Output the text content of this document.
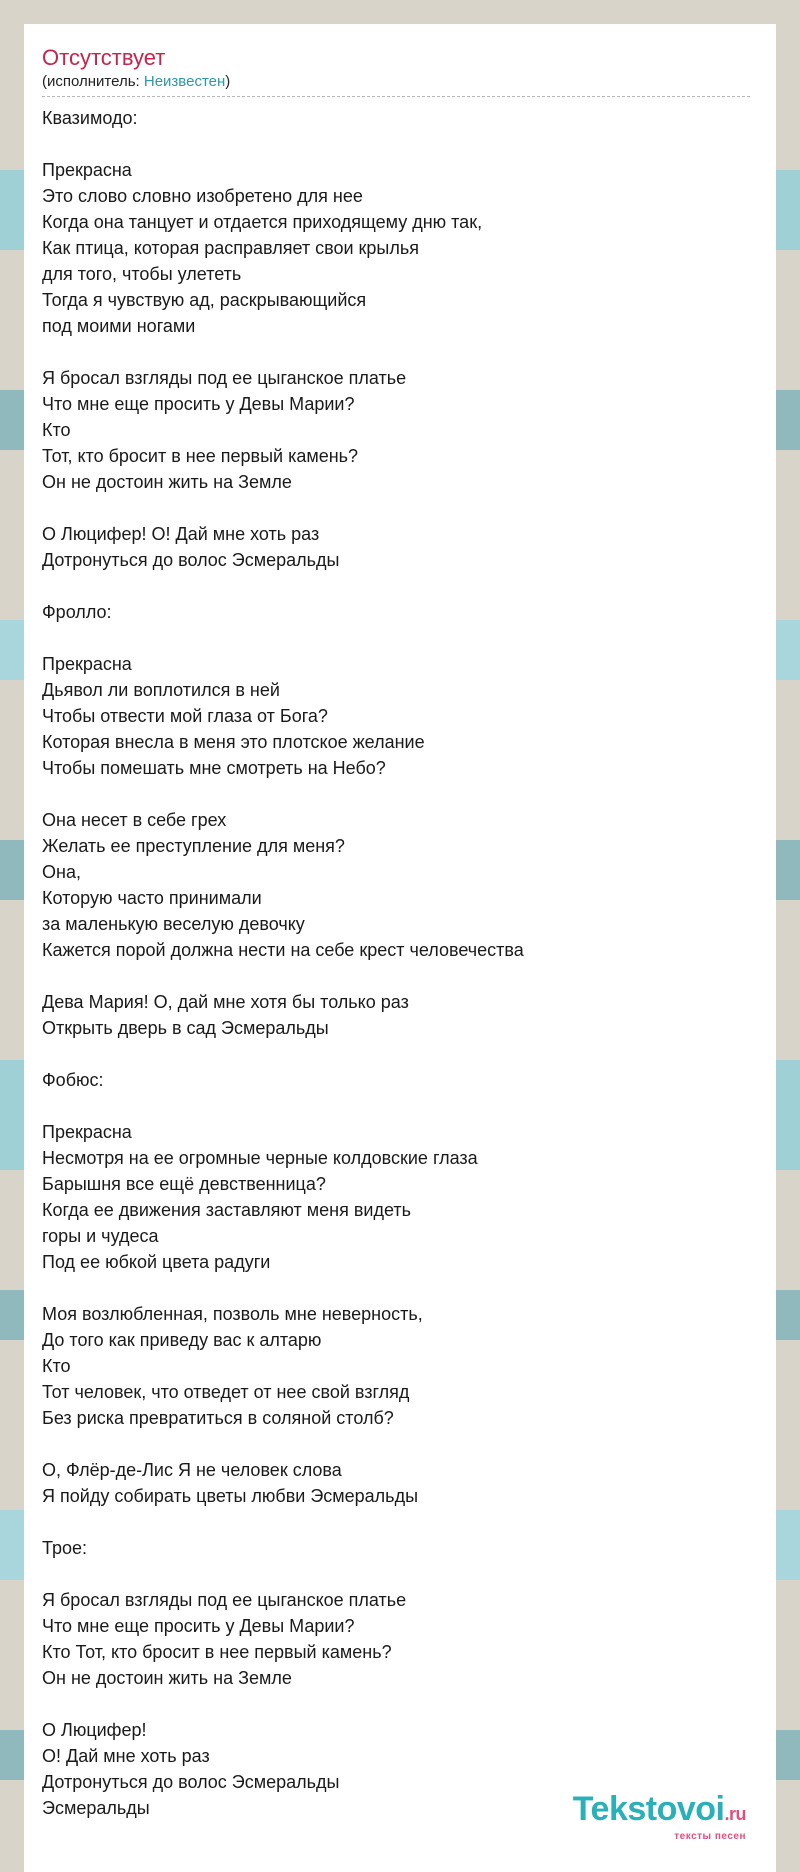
Отсутствует
(исполнитель: Неизвестен)
Квазимодо:
Прекрасна
Это слово словно изобретено для нее
Когда она танцует и отдается приходящему дню так,
Как птица, которая расправляет свои крылья
для того, чтобы улететь
Тогда я чувствую ад, раскрывающийся
под моими ногами
Я бросал взгляды под ее цыганское платье
Что мне еще просить у Девы Марии?
Кто
Тот, кто бросит в нее первый камень?
Он не достоин жить на Земле
О Люцифер! О! Дай мне хоть раз
Дотронуться до волос Эсмеральды
Фролло:
Прекрасна
Дьявол ли воплотился в ней
Чтобы отвести мой глаза от Бога?
Которая внесла в меня это плотское желание
Чтобы помешать мне смотреть на Небо?
Она несет в себе грех
Желать ее преступление для меня?
Она,
Которую часто принимали
за маленькую веселую девочку
Кажется порой должна нести на себе крест человечества
Дева Мария! О, дай мне хотя бы только раз
Открыть дверь в сад Эсмеральды
Фобюс:
Прекрасна
Несмотря на ее огромные черные колдовские глаза
Барышня все ещё девственница?
Когда ее движения заставляют меня видеть
горы и чудеса
Под ее юбкой цвета радуги
Моя возлюбленная, позволь мне неверность,
До того как приведу вас к алтарю
Кто
Тот человек, что отведет от нее свой взгляд
Без риска превратиться в соляной столб?
О, Флёр-де-Лис Я не человек слова
Я пойду собирать цветы любви Эсмеральды
Трое:
Я бросал взгляды под ее цыганское платье
Что мне еще просить у Девы Марии?
Кто Тот, кто бросит в нее первый камень?
Он не достоин жить на Земле
О Люцифер!
О! Дай мне хоть раз
Дотронуться до волос Эсмеральды
Эсмеральды	Tekstovoi.ru
тексты песен
